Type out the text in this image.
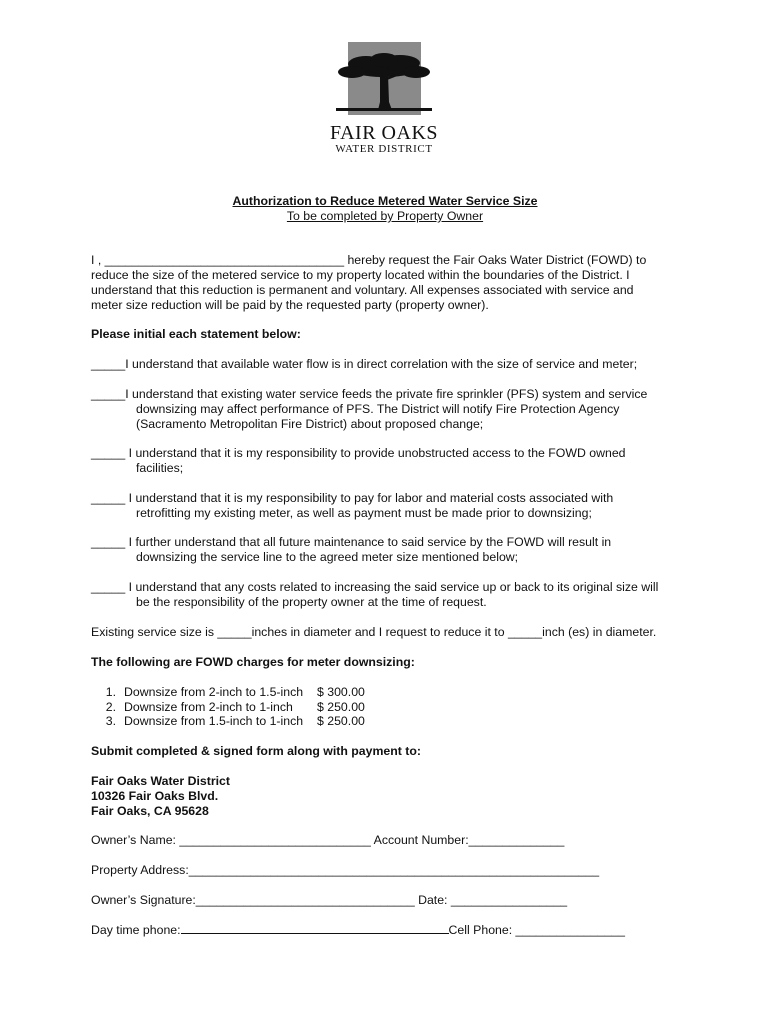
FAIR OAKS
WATER DISTRICT
Authorization to Reduce Metered Water Service Size
To be completed by Property Owner
I , ___________________________________ hereby request the Fair Oaks Water District (FOWD) to
reduce the size of the metered service to my property located within the boundaries of the District. I
understand that this reduction is permanent and voluntary. All expenses associated with service and
meter size reduction will be paid by the requested party (property owner).
Please initial each statement below:
_____I understand that available water flow is in direct correlation with the size of service and meter;
_____I understand that existing water service feeds the private fire sprinkler (PFS) system and service
downsizing may affect performance of PFS. The District will notify Fire Protection Agency
(Sacramento Metropolitan Fire District) about proposed change;
_____ I understand that it is my responsibility to provide unobstructed access to the FOWD owned
facilities;
_____ I understand that it is my responsibility to pay for labor and material costs associated with
retrofitting my existing meter, as well as payment must be made prior to downsizing;
_____ I further understand that all future maintenance to said service by the FOWD will result in
downsizing the service line to the agreed meter size mentioned below;
_____ I understand that any costs related to increasing the said service up or back to its original size will
be the responsibility of the property owner at the time of request.
Existing service size is _____inches in diameter and I request to reduce it to _____inch (es) in diameter.
The following are FOWD charges for meter downsizing:
1. Downsize from 2-inch to 1.5-inch $ 300.00
2. Downsize from 2-inch to 1-inch $ 250.00
3. Downsize from 1.5-inch to 1-inch $ 250.00
Submit completed & signed form along with payment to:
Fair Oaks Water District
10326 Fair Oaks Blvd.
Fair Oaks, CA 95628
Owner’s Name: ____________________________ Account Number:______________
Property Address:____________________________________________________________
Owner’s Signature:________________________________ Date: _________________
Day time phone:	Cell Phone: ________________
